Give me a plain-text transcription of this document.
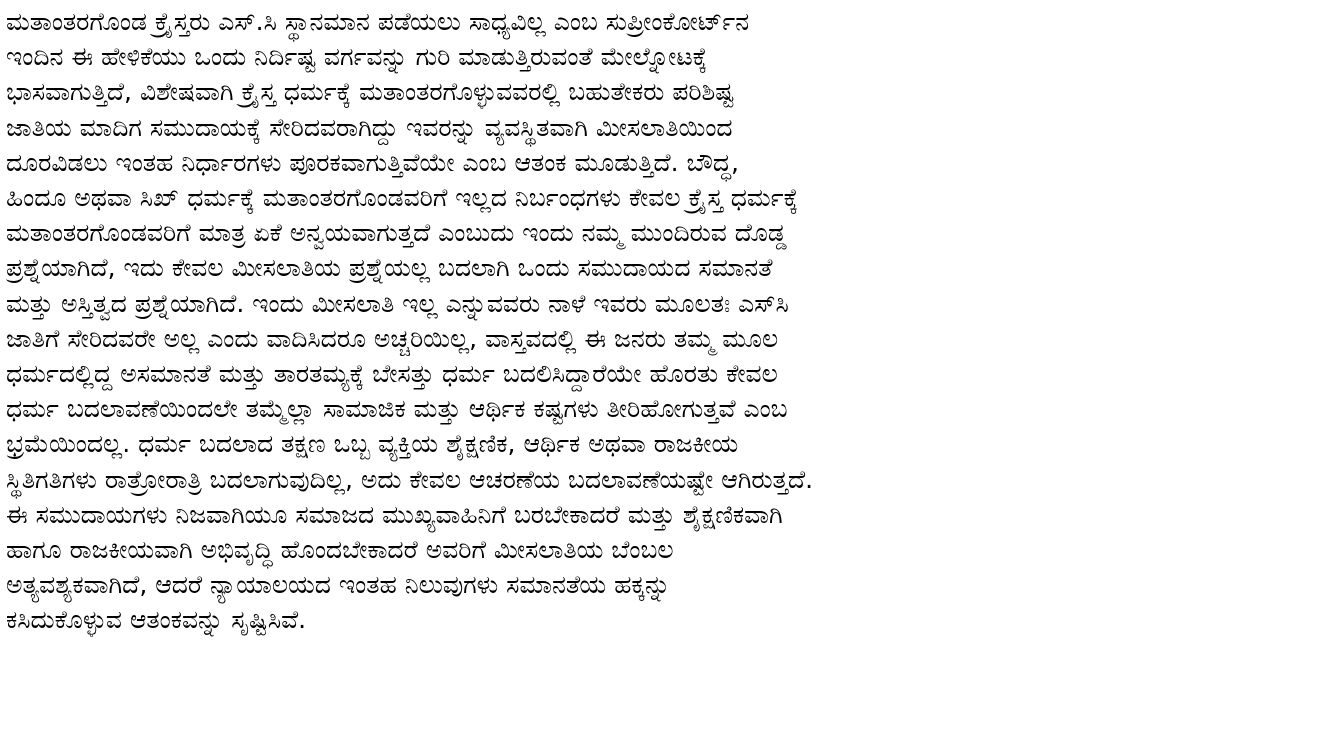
ಮತಾಂತರಗೊಂಡ ಕ್ರೈಸ್ತರು ಎಸ್.ಸಿ ಸ್ಥಾನಮಾನ ಪಡೆಯಲು ಸಾಧ್ಯವಿಲ್ಲ ಎಂಬ ಸುಪ್ರೀಂಕೋರ್ಟ್‌ನ
ಇಂದಿನ ಈ ಹೇಳಿಕೆಯು ಒಂದು ನಿರ್ದಿಷ್ಟ ವರ್ಗವನ್ನು ಗುರಿ ಮಾಡುತ್ತಿರುವಂತೆ ಮೇಲ್ನೋಟಕ್ಕೆ
ಭಾಸವಾಗುತ್ತಿದೆ, ವಿಶೇಷವಾಗಿ ಕ್ರೈಸ್ತ ಧರ್ಮಕ್ಕೆ ಮತಾಂತರಗೊಳ್ಳುವವರಲ್ಲಿ ಬಹುತೇಕರು ಪರಿಶಿಷ್ಟ
ಜಾತಿಯ ಮಾದಿಗ ಸಮುದಾಯಕ್ಕೆ ಸೇರಿದವರಾಗಿದ್ದು ಇವರನ್ನು ವ್ಯವಸ್ಥಿತವಾಗಿ ಮೀಸಲಾತಿಯಿಂದ
ದೂರವಿಡಲು ಇಂತಹ ನಿರ್ಧಾರಗಳು ಪೂರಕವಾಗುತ್ತಿವೆಯೇ ಎಂಬ ಆತಂಕ ಮೂಡುತ್ತಿದೆ. ಬೌದ್ಧ,
ಹಿಂದೂ ಅಥವಾ ಸಿಖ್ ಧರ್ಮಕ್ಕೆ ಮತಾಂತರಗೊಂಡವರಿಗೆ ಇಲ್ಲದ ನಿರ್ಬಂಧಗಳು ಕೇವಲ ಕ್ರೈಸ್ತ ಧರ್ಮಕ್ಕೆ
ಮತಾಂತರಗೊಂಡವರಿಗೆ ಮಾತ್ರ ಏಕೆ ಅನ್ವಯವಾಗುತ್ತದೆ ಎಂಬುದು ಇಂದು ನಮ್ಮ ಮುಂದಿರುವ ದೊಡ್ಡ
ಪ್ರಶ್ನೆಯಾಗಿದೆ, ಇದು ಕೇವಲ ಮೀಸಲಾತಿಯ ಪ್ರಶ್ನೆಯಲ್ಲ ಬದಲಾಗಿ ಒಂದು ಸಮುದಾಯದ ಸಮಾನತೆ
ಮತ್ತು ಅಸ್ತಿತ್ವದ ಪ್ರಶ್ನೆಯಾಗಿದೆ. ಇಂದು ಮೀಸಲಾತಿ ಇಲ್ಲ ಎನ್ನುವವರು ನಾಳೆ ಇವರು ಮೂಲತಃ ಎಸ್‌ಸಿ
ಜಾತಿಗೆ ಸೇರಿದವರೇ ಅಲ್ಲ ಎಂದು ವಾದಿಸಿದರೂ ಅಚ್ಚರಿಯಿಲ್ಲ, ವಾಸ್ತವದಲ್ಲಿ ಈ ಜನರು ತಮ್ಮ ಮೂಲ
ಧರ್ಮದಲ್ಲಿದ್ದ ಅಸಮಾನತೆ ಮತ್ತು ತಾರತಮ್ಯಕ್ಕೆ ಬೇಸತ್ತು ಧರ್ಮ ಬದಲಿಸಿದ್ದಾರೆಯೇ ಹೊರತು ಕೇವಲ
ಧರ್ಮ ಬದಲಾವಣೆಯಿಂದಲೇ ತಮ್ಮೆಲ್ಲಾ ಸಾಮಾಜಿಕ ಮತ್ತು ಆರ್ಥಿಕ ಕಷ್ಟಗಳು ತೀರಿಹೋಗುತ್ತವೆ ಎಂಬ
ಭ್ರಮೆಯಿಂದಲ್ಲ. ಧರ್ಮ ಬದಲಾದ ತಕ್ಷಣ ಒಬ್ಬ ವ್ಯಕ್ತಿಯ ಶೈಕ್ಷಣಿಕ, ಆರ್ಥಿಕ ಅಥವಾ ರಾಜಕೀಯ
ಸ್ಥಿತಿಗತಿಗಳು ರಾತ್ರೋರಾತ್ರಿ ಬದಲಾಗುವುದಿಲ್ಲ, ಅದು ಕೇವಲ ಆಚರಣೆಯ ಬದಲಾವಣೆಯಷ್ಟೇ ಆಗಿರುತ್ತದೆ.
ಈ ಸಮುದಾಯಗಳು ನಿಜವಾಗಿಯೂ ಸಮಾಜದ ಮುಖ್ಯವಾಹಿನಿಗೆ ಬರಬೇಕಾದರೆ ಮತ್ತು ಶೈಕ್ಷಣಿಕವಾಗಿ
ಹಾಗೂ ರಾಜಕೀಯವಾಗಿ ಅಭಿವೃದ್ಧಿ ಹೊಂದಬೇಕಾದರೆ ಅವರಿಗೆ ಮೀಸಲಾತಿಯ ಬೆಂಬಲ
ಅತ್ಯವಶ್ಯಕವಾಗಿದೆ, ಆದರೆ ನ್ಯಾಯಾಲಯದ ಇಂತಹ ನಿಲುವುಗಳು ಸಮಾನತೆಯ ಹಕ್ಕನ್ನು
ಕಸಿದುಕೊಳ್ಳುವ ಆತಂಕವನ್ನು ಸೃಷ್ಟಿಸಿವೆ.
